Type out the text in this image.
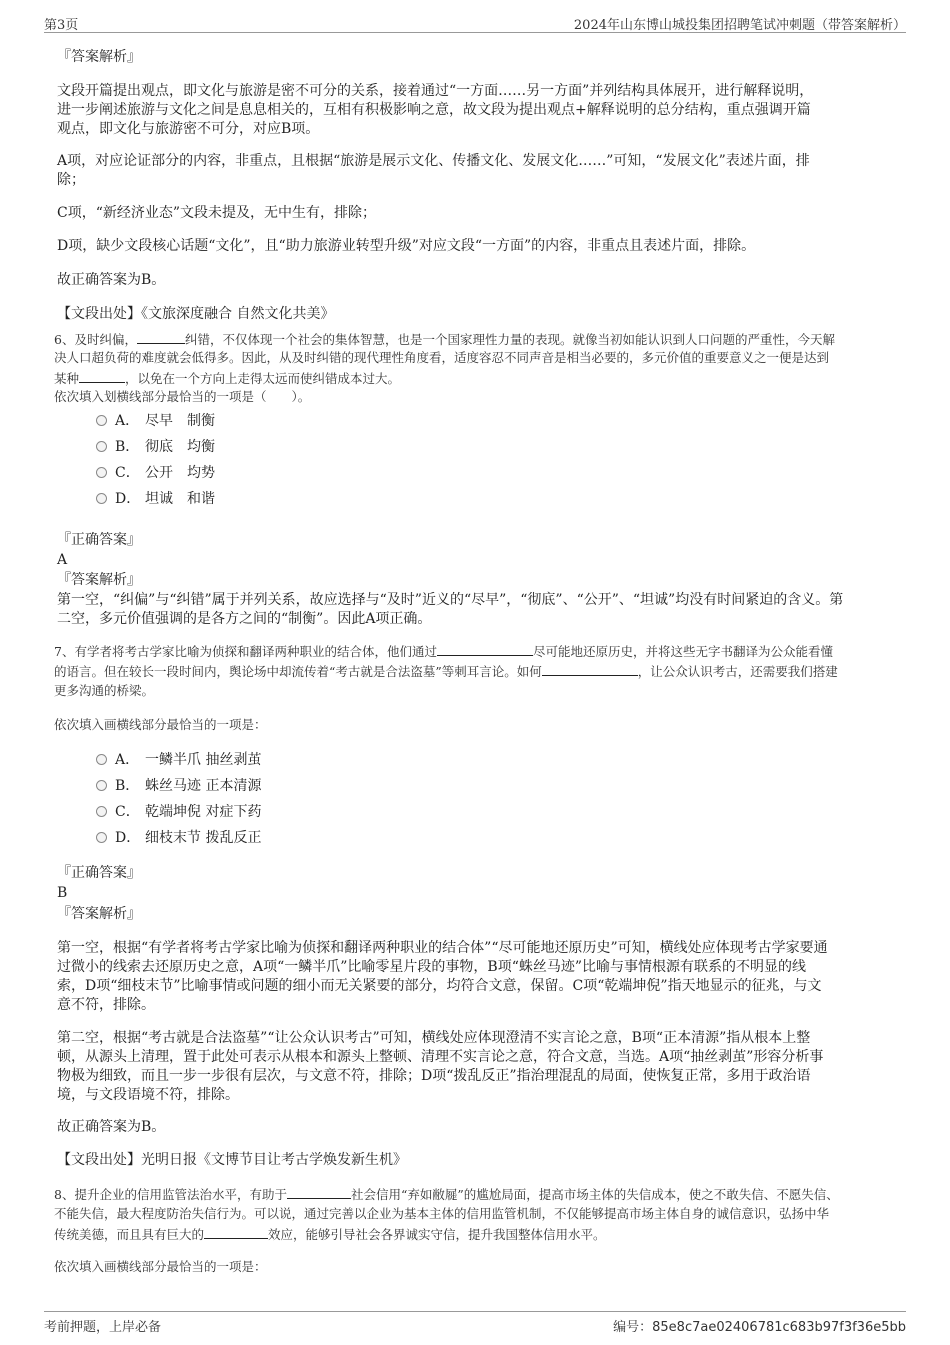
第3页	2024年山东博山城投集团招聘笔试冲刺题（带答案解析）

『答案解析』

文段开篇提出观点，即文化与旅游是密不可分的关系，接着通过“一方面……另一方面”并列结构具体展开，进行解释说明，

进一步阐述旅游与文化之间是息息相关的，互相有积极影响之意，故文段为提出观点+解释说明的总分结构，重点强调开篇

观点，即文化与旅游密不可分，对应B项。

A项，对应论证部分的内容，非重点，且根据“旅游是展示文化、传播文化、发展文化……”可知，“发展文化”表述片面，排

除；

C项，“新经济业态”文段未提及，无中生有，排除；

D项，缺少文段核心话题“文化”，且“助力旅游业转型升级”对应文段“一方面”的内容，非重点且表述片面，排除。

故正确答案为B。

【文段出处】《文旅深度融合 自然文化共美》

6、及时纠偏，	纠错，不仅体现一个社会的集体智慧，也是一个国家理性力量的表现。就像当初如能认识到人口问题的严重性，今天解

决人口超负荷的难度就会低得多。因此，从及时纠错的现代理性角度看，适度容忍不同声音是相当必要的，多元价值的重要意义之一便是达到

某种	，以免在一个方向上走得太远而使纠错成本过大。

依次填入划横线部分最恰当的一项是（　　）。

A． 尽早　制衡
B． 彻底　均衡
C． 公开　均势
D． 坦诚　和谐

『正确答案』

A

『答案解析』

第一空，“纠偏”与“纠错”属于并列关系，故应选择与“及时”近义的“尽早”，“彻底”、“公开”、“坦诚”均没有时间紧迫的含义。第

二空，多元价值强调的是各方之间的“制衡”。因此A项正确。

7、有学者将考古学家比喻为侦探和翻译两种职业的结合体，他们通过	尽可能地还原历史，并将这些无字书翻译为公众能看懂

的语言。但在较长一段时间内，舆论场中却流传着“考古就是合法盗墓”等刺耳言论。如何	，让公众认识考古，还需要我们搭建

更多沟通的桥梁。

依次填入画横线部分最恰当的一项是：

A． 一鳞半爪 抽丝剥茧
B． 蛛丝马迹 正本清源
C． 乾端坤倪 对症下药
D． 细枝末节 拨乱反正

『正确答案』

B

『答案解析』

第一空，根据“有学者将考古学家比喻为侦探和翻译两种职业的结合体”“尽可能地还原历史”可知，横线处应体现考古学家要通

过微小的线索去还原历史之意，A项“一鳞半爪”比喻零星片段的事物，B项“蛛丝马迹”比喻与事情根源有联系的不明显的线

索，D项“细枝末节”比喻事情或问题的细小而无关紧要的部分，均符合文意，保留。C项“乾端坤倪”指天地显示的征兆，与文

意不符，排除。

第二空，根据“考古就是合法盗墓”“让公众认识考古”可知，横线处应体现澄清不实言论之意，B项“正本清源”指从根本上整

顿，从源头上清理，置于此处可表示从根本和源头上整顿、清理不实言论之意，符合文意，当选。A项“抽丝剥茧”形容分析事

物极为细致，而且一步一步很有层次，与文意不符，排除；D项“拨乱反正”指治理混乱的局面，使恢复正常，多用于政治语

境，与文段语境不符，排除。

故正确答案为B。

【文段出处】光明日报《文博节目让考古学焕发新生机》

8、提升企业的信用监管法治水平，有助于	社会信用“弃如敝屣”的尴尬局面，提高市场主体的失信成本，使之不敢失信、不愿失信、

不能失信，最大程度防治失信行为。可以说，通过完善以企业为基本主体的信用监管机制，不仅能够提高市场主体自身的诚信意识，弘扬中华

传统美德，而且具有巨大的	效应，能够引导社会各界诚实守信，提升我国整体信用水平。

依次填入画横线部分最恰当的一项是：

考前押题，上岸必备	编号：85e8c7ae02406781c683b97f3f36e5bb
